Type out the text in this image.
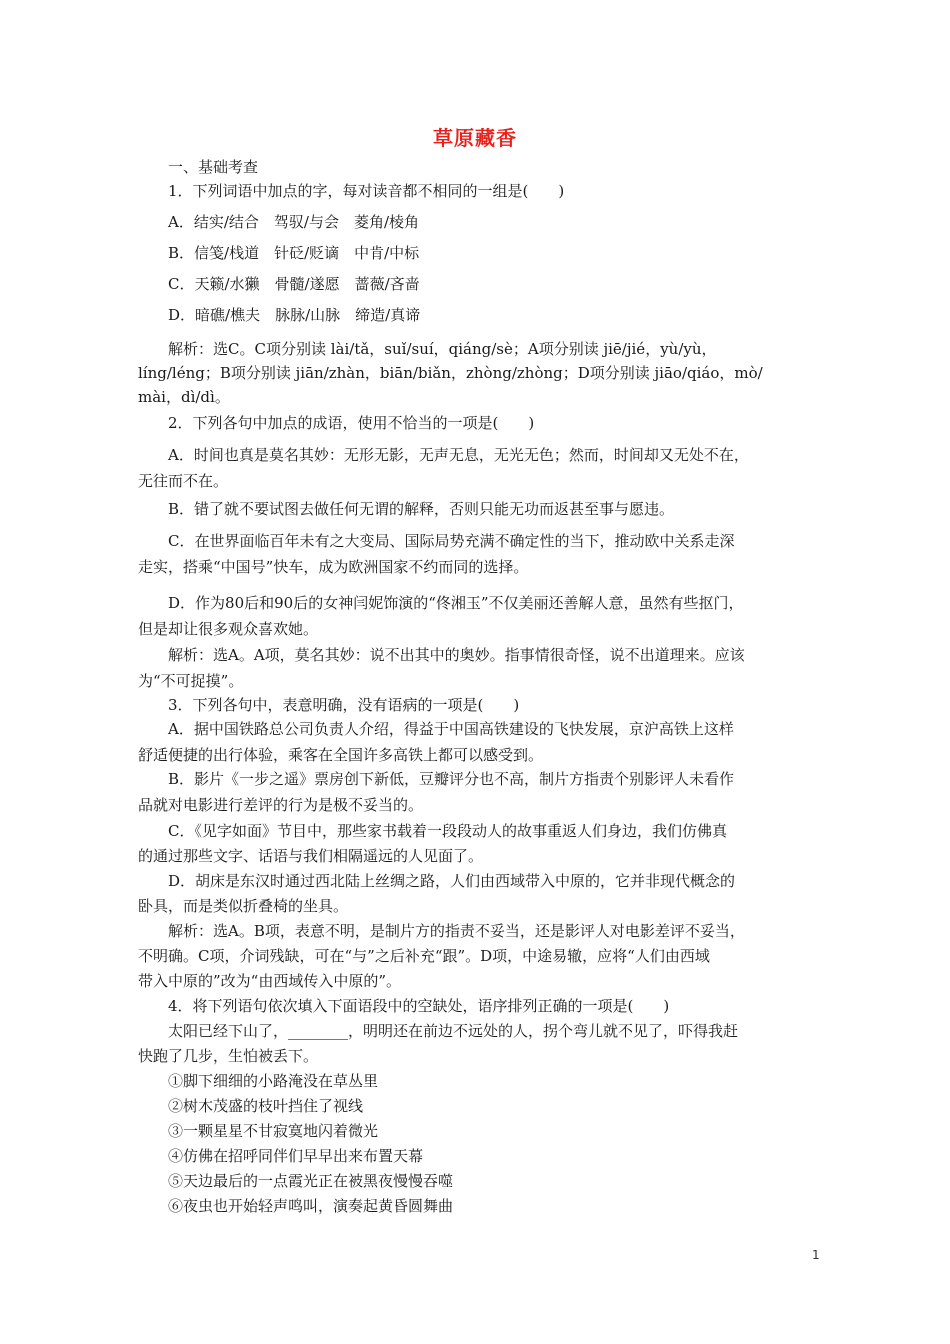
草原藏香
一、基础考查
1．下列词语中加点的字，每对读音都不相同的一组是(　　)
A．结实/结合　驾驭/与会　菱角/棱角
B．信笺/栈道　针砭/贬谪　中肯/中标
C．天籁/水獭　骨髓/遂愿　蔷薇/吝啬
D．暗礁/樵夫　脉脉/山脉　缔造/真谛
解析：选C。C项分别读 lài/tǎ，suǐ/suí，qiáng/sè；A项分别读 jiē/jié，yù/yù，
líng/léng；B项分别读 jiān/zhàn，biān/biǎn，zhòng/zhòng；D项分别读 jiāo/qiáo，mò/
mài，dì/dì。
2．下列各句中加点的成语，使用不恰当的一项是(　　)
A．时间也真是莫名其妙：无形无影，无声无息，无光无色；然而，时间却又无处不在，
无往而不在。
B．错了就不要试图去做任何无谓的解释，否则只能无功而返甚至事与愿违。
C．在世界面临百年未有之大变局、国际局势充满不确定性的当下，推动欧中关系走深
走实，搭乘“中国号”快车，成为欧洲国家不约而同的选择。
D．作为80后和90后的女神闫妮饰演的“佟湘玉”不仅美丽还善解人意，虽然有些抠门，
但是却让很多观众喜欢她。
解析：选A。A项，莫名其妙：说不出其中的奥妙。指事情很奇怪，说不出道理来。应该
为“不可捉摸”。
3．下列各句中，表意明确，没有语病的一项是(　　)
A．据中国铁路总公司负责人介绍，得益于中国高铁建设的飞快发展，京沪高铁上这样
舒适便捷的出行体验，乘客在全国许多高铁上都可以感受到。
B．影片《一步之遥》票房创下新低，豆瓣评分也不高，制片方指责个别影评人未看作
品就对电影进行差评的行为是极不妥当的。
C．《见字如面》节目中，那些家书载着一段段动人的故事重返人们身边，我们仿佛真
的通过那些文字、话语与我们相隔遥远的人见面了。
D．胡床是东汉时通过西北陆上丝绸之路，人们由西域带入中原的，它并非现代概念的
卧具，而是类似折叠椅的坐具。
解析：选A。B项，表意不明，是制片方的指责不妥当，还是影评人对电影差评不妥当，
不明确。C项，介词残缺，可在“与”之后补充“跟”。D项，中途易辙，应将“人们由西域
带入中原的”改为“由西域传入中原的”。
4．将下列语句依次填入下面语段中的空缺处，语序排列正确的一项是(　　)
太阳已经下山了，________，明明还在前边不远处的人，拐个弯儿就不见了，吓得我赶
快跑了几步，生怕被丢下。
①脚下细细的小路淹没在草丛里
②树木茂盛的枝叶挡住了视线
③一颗星星不甘寂寞地闪着微光
④仿佛在招呼同伴们早早出来布置天幕
⑤天边最后的一点霞光正在被黑夜慢慢吞噬
⑥夜虫也开始轻声鸣叫，演奏起黄昏圆舞曲
1
